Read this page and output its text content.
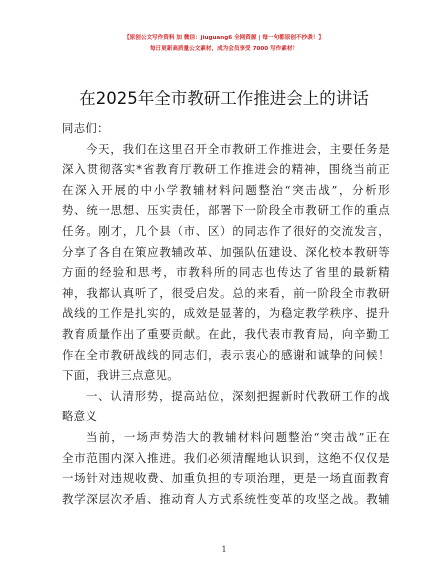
【原创公文写作资料 加 微信：jiuguang6 全网资源 | 每一句都原创不抄袭！】
每日更新高质量公文素材，成为会员享受 7000 写作素材！
在2025年全市教研工作推进会上的讲话
同志们：
今天，我们在这里召开全市教研工作推进会，主要任务是
深入贯彻落实*省教育厅教研工作推进会的精神，围绕当前正
在深入开展的中小学教辅材料问题整治“突击战”，分析形
势、统一思想、压实责任，部署下一阶段全市教研工作的重点
任务。刚才，几个县（市、区）的同志作了很好的交流发言，
分享了各自在策应教辅改革、加强队伍建设、深化校本教研等
方面的经验和思考，市教科所的同志也传达了省里的最新精
神，我都认真听了，很受启发。总的来看，前一阶段全市教研
战线的工作是扎实的，成效是显著的，为稳定教学秩序、提升
教育质量作出了重要贡献。在此，我代表市教育局，向辛勤工
作在全市教研战线的同志们，表示衷心的感谢和诚挚的问候！
下面，我讲三点意见。
一、认清形势，提高站位，深刻把握新时代教研工作的战
略意义
当前，一场声势浩大的教辅材料问题整治“突击战”正在
全市范围内深入推进。我们必须清醒地认识到，这绝不仅仅是
一场针对违规收费、加重负担的专项治理，更是一场直面教育
教学深层次矛盾、推动育人方式系统性变革的攻坚之战。教辅
1
